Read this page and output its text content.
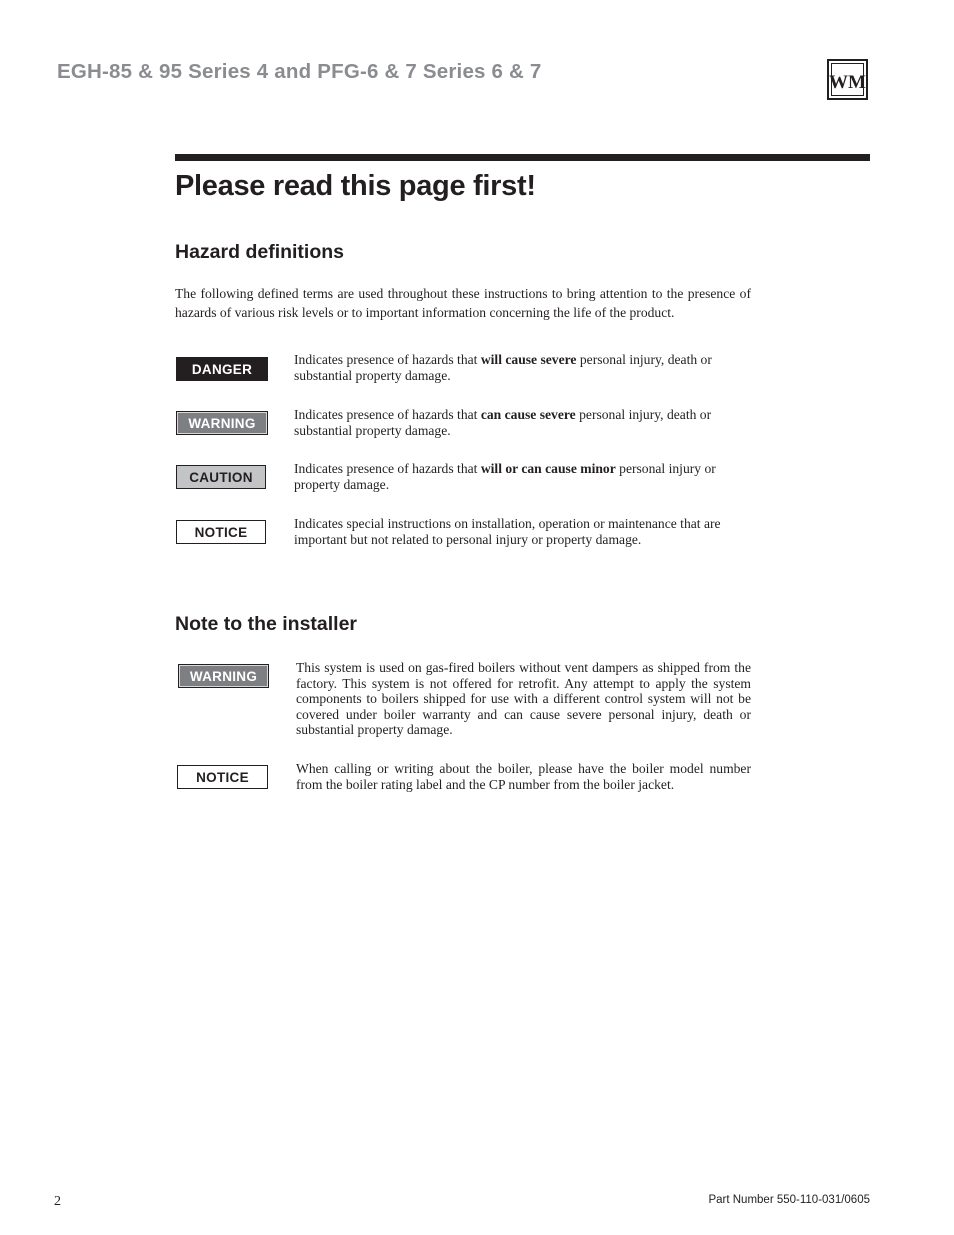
EGH-85 & 95 Series 4 and PFG-6 & 7 Series 6 & 7	WM
Please read this page first!
Hazard definitions

The following defined terms are used throughout these instructions to bring attention to the presence of hazards of various risk levels or to important information concerning the life of the product.

DANGER

Indicates presence of hazards that will cause severe personal injury, death or substantial property damage.

WARNING

Indicates presence of hazards that can cause severe personal injury, death or substantial property damage.

CAUTION

Indicates presence of hazards that will or can cause minor personal injury or property damage.

NOTICE

Indicates special instructions on installation, operation or maintenance that are important but not related to personal injury or property damage.

Note to the installer
WARNING

This system is used on gas-fired boilers without vent dampers as shipped from the factory. This system is not offered for retrofit. Any attempt to apply the system components to boilers shipped for use with a different control system will not be covered under boiler warranty and can cause severe personal injury, death or substantial property damage.

NOTICE

When calling or writing about the boiler, please have the boiler model number from the boiler rating label and the CP number from the boiler jacket.

2	Part Number 550-110-031/0605
